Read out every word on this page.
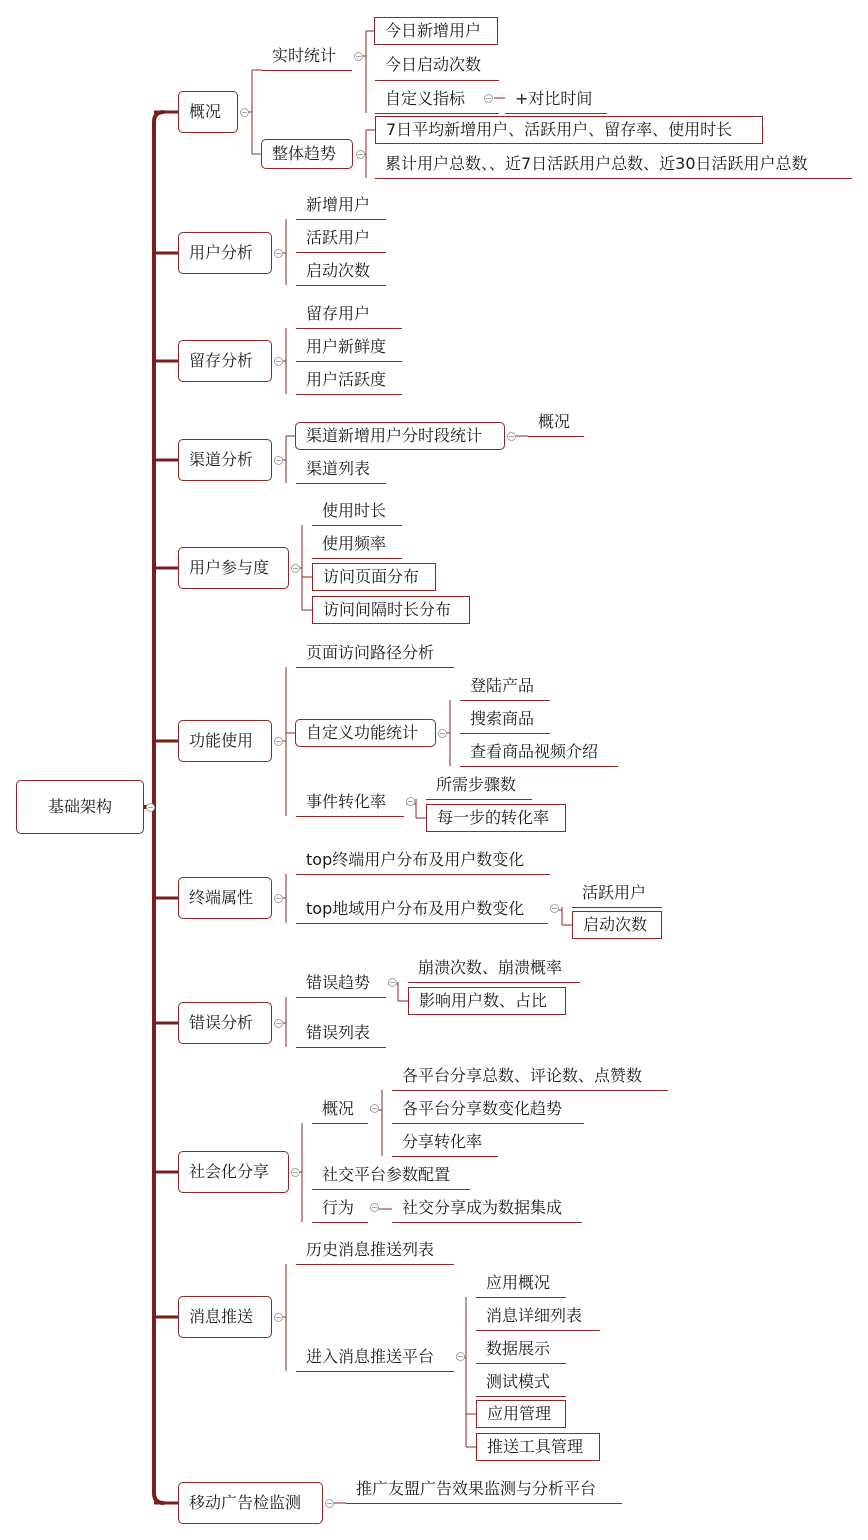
基础架构
概况
实时统计
今日新增用户
今日启动次数
自定义指标	+对比时间
整体趋势
7日平均新增用户、活跃用户、留存率、使用时长
累计用户总数、、近7日活跃用户总数、近30日活跃用户总数
用户分析
新增用户
活跃用户
启动次数
留存分析
留存用户
用户新鲜度
用户活跃度
渠道分析
渠道新增用户分时段统计
概况
渠道列表
用户参与度
使用时长
使用频率
访问页面分布
访问间隔时长分布
功能使用
页面访问路径分析
自定义功能统计
登陆产品
搜索商品
查看商品视频介绍
事件转化率
所需步骤数
每一步的转化率
终端属性
top终端用户分布及用户数变化
top地域用户分布及用户数变化
活跃用户
启动次数
错误分析
错误趋势
崩溃次数、崩溃概率
影响用户数、占比
错误列表
社会化分享
概况
各平台分享总数、评论数、点赞数
各平台分享数变化趋势
分享转化率
社交平台参数配置
行为	社交分享成为数据集成
消息推送
历史消息推送列表
进入消息推送平台
应用概况
消息详细列表
数据展示
测试模式
应用管理
推送工具管理
移动广告检监测
推广友盟广告效果监测与分析平台
